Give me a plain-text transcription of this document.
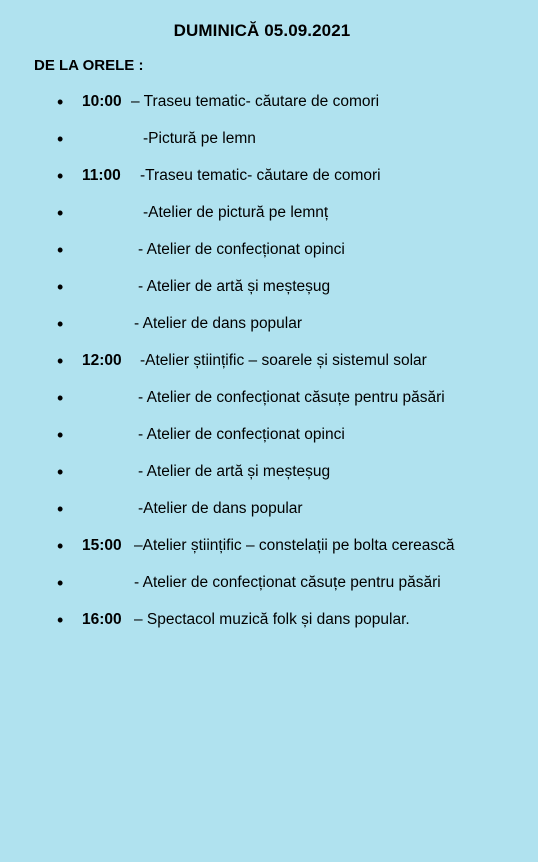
DUMINICĂ 05.09.2021
DE LA ORELE :
• 10:00 – Traseu tematic- căutare de comori
•	-Pictură pe lemn
• 11:00 -Traseu tematic- căutare de comori
•	-Atelier de pictură pe lemnț
•	- Atelier de confecționat opinci
•	- Atelier de artă și meșteșug
•	- Atelier de dans popular
• 12:00 -Atelier științific – soarele și sistemul solar
•	- Atelier de confecționat căsuțe pentru păsări
•	- Atelier de confecționat opinci
•	- Atelier de artă și meșteșug
•	-Atelier de dans popular
• 15:00 –Atelier științific – constelații pe bolta cerească
•	- Atelier de confecționat căsuțe pentru păsări
• 16:00 – Spectacol muzică folk și dans popular.
